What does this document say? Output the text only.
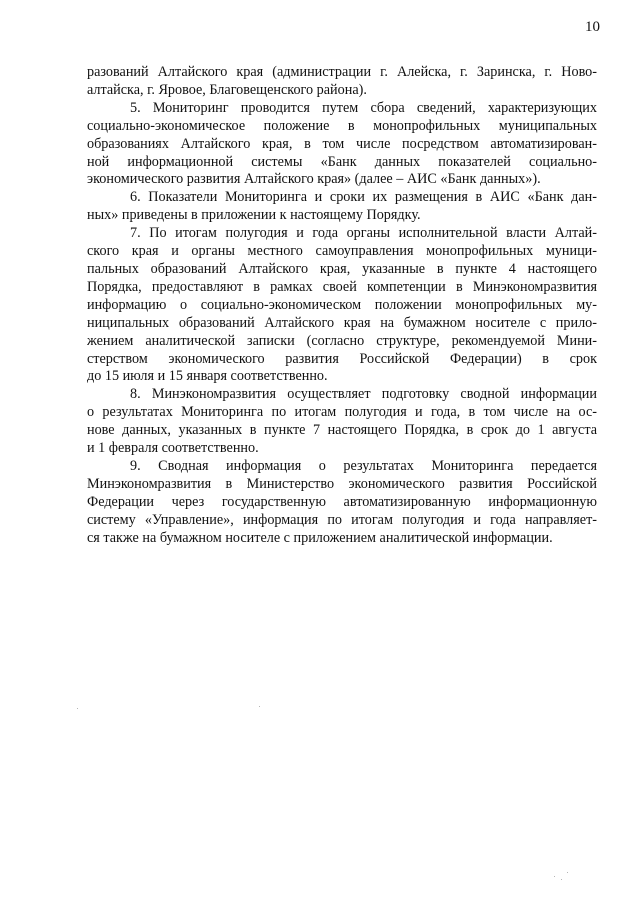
10

разований Алтайского края (администрации г. Алейска, г. Заринска, г. Ново-
алтайска, г. Яровое, Благовещенского района).

5. Мониторинг проводится путем сбора сведений, характеризующих
социально-экономическое положение в монопрофильных муниципальных
образованиях Алтайского края, в том числе посредством автоматизирован-
ной информационной системы «Банк данных показателей социально-
экономического развития Алтайского края» (далее – АИС «Банк данных»).

6. Показатели Мониторинга и сроки их размещения в АИС «Банк дан-
ных» приведены в приложении к настоящему Порядку.

7. По итогам полугодия и года органы исполнительной власти Алтай-
ского края и органы местного самоуправления монопрофильных муници-
пальных образований Алтайского края, указанные в пункте 4 настоящего
Порядка, предоставляют в рамках своей компетенции в Минэкономразвития
информацию о социально-экономическом положении монопрофильных му-
ниципальных образований Алтайского края на бумажном носителе с прило-
жением аналитической записки (согласно структуре, рекомендуемой Мини-
стерством экономического развития Российской Федерации) в срок
до 15 июля и 15 января соответственно.

8. Минэкономразвития осуществляет подготовку сводной информации
о результатах Мониторинга по итогам полугодия и года, в том числе на ос-
нове данных, указанных в пункте 7 настоящего Порядка, в срок до 1 августа
и 1 февраля соответственно.

9. Сводная информация о результатах Мониторинга передается
Минэкономразвития в Министерство экономического развития Российской
Федерации через государственную автоматизированную информационную
систему «Управление», информация по итогам полугодия и года направляет-
ся также на бумажном носителе с приложением аналитической информации.
